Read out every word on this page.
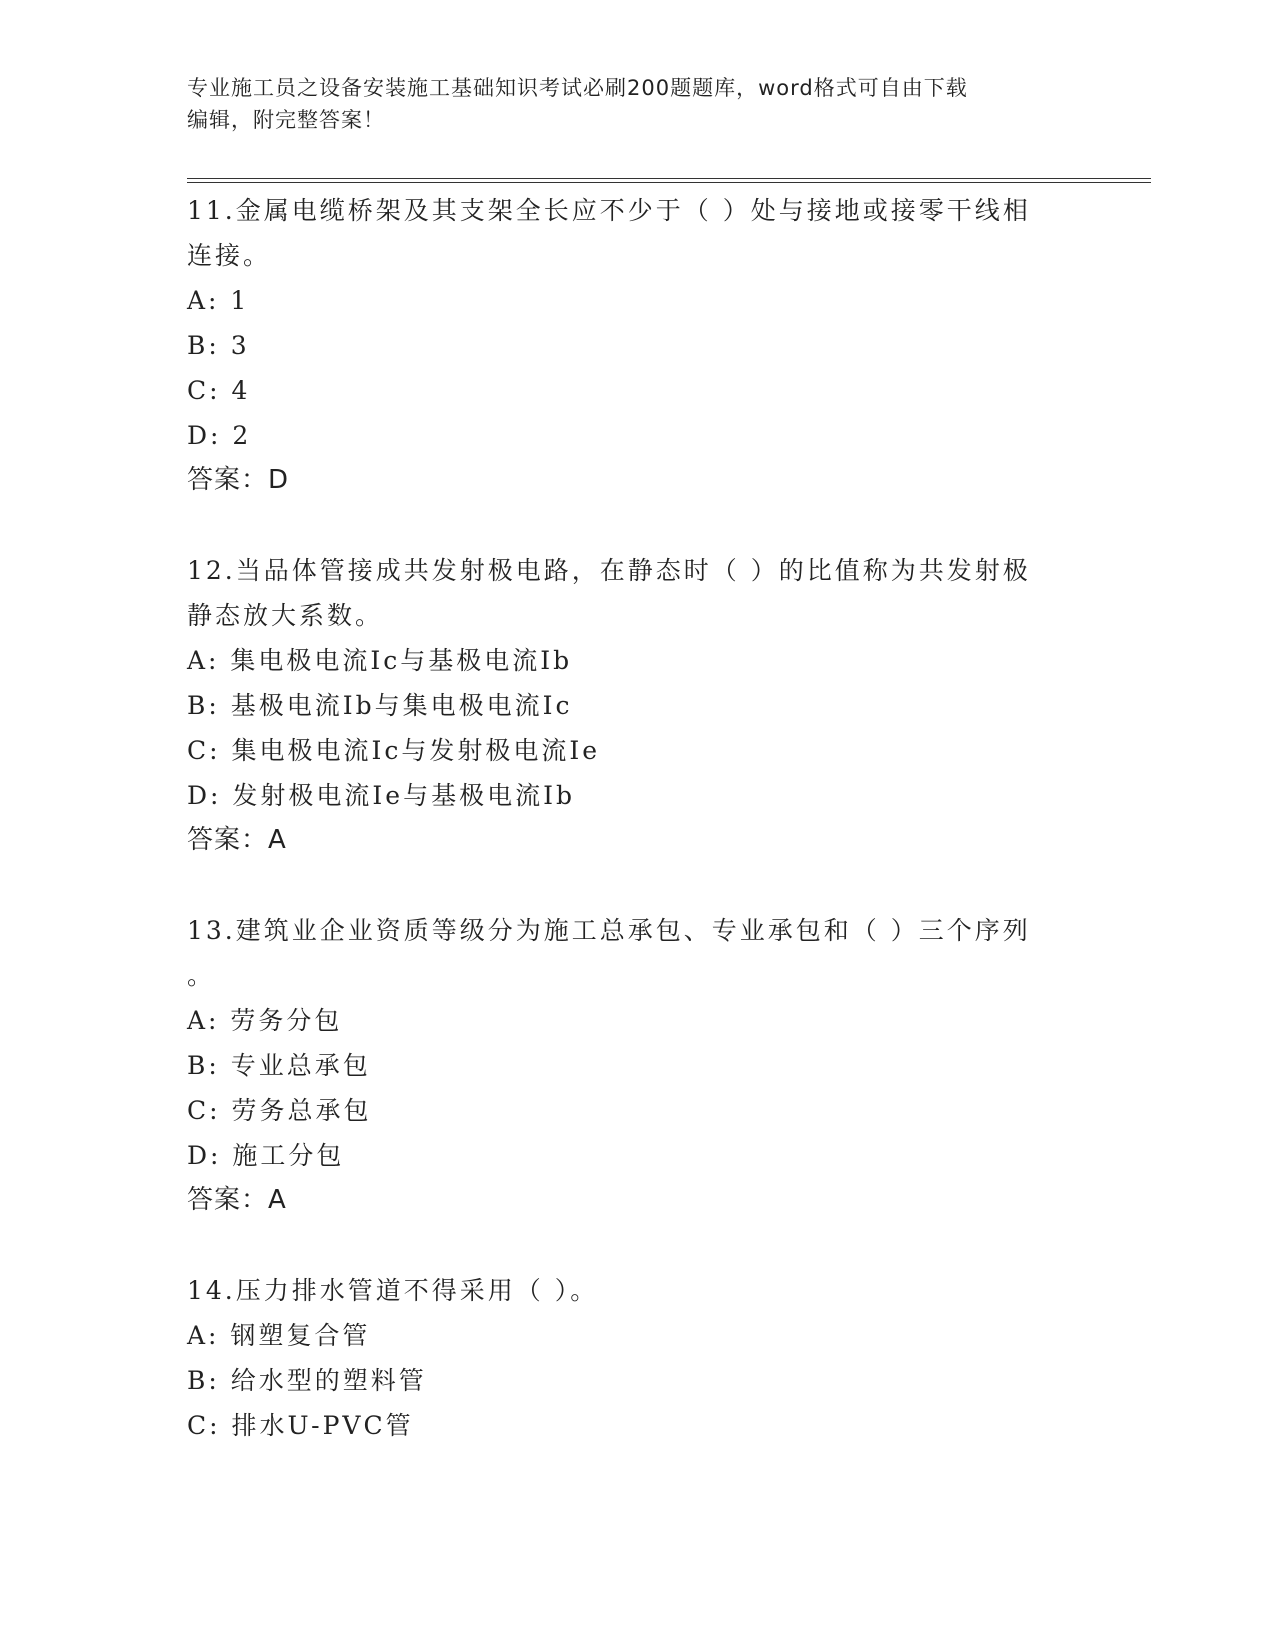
专业施工员之设备安装施工基础知识考试必刷200题题库，word格式可自由下载
编辑，附完整答案！

11.金属电缆桥架及其支架全长应不少于（ ）处与接地或接零干线相

连接。

A: 1

B: 3

C: 4

D: 2

答案：D

12.当品体管接成共发射极电路，在静态时（ ）的比值称为共发射极

静态放大系数。

A: 集电极电流Ic与基极电流Ib

B: 基极电流Ib与集电极电流Ic

C: 集电极电流Ic与发射极电流Ie

D: 发射极电流Ie与基极电流Ib

答案：A

13.建筑业企业资质等级分为施工总承包、专业承包和（ ）三个序列

。

A: 劳务分包

B: 专业总承包

C: 劳务总承包

D: 施工分包

答案：A

14.压力排水管道不得采用（ ）。

A: 钢塑复合管

B: 给水型的塑料管

C: 排水U-PVC管
